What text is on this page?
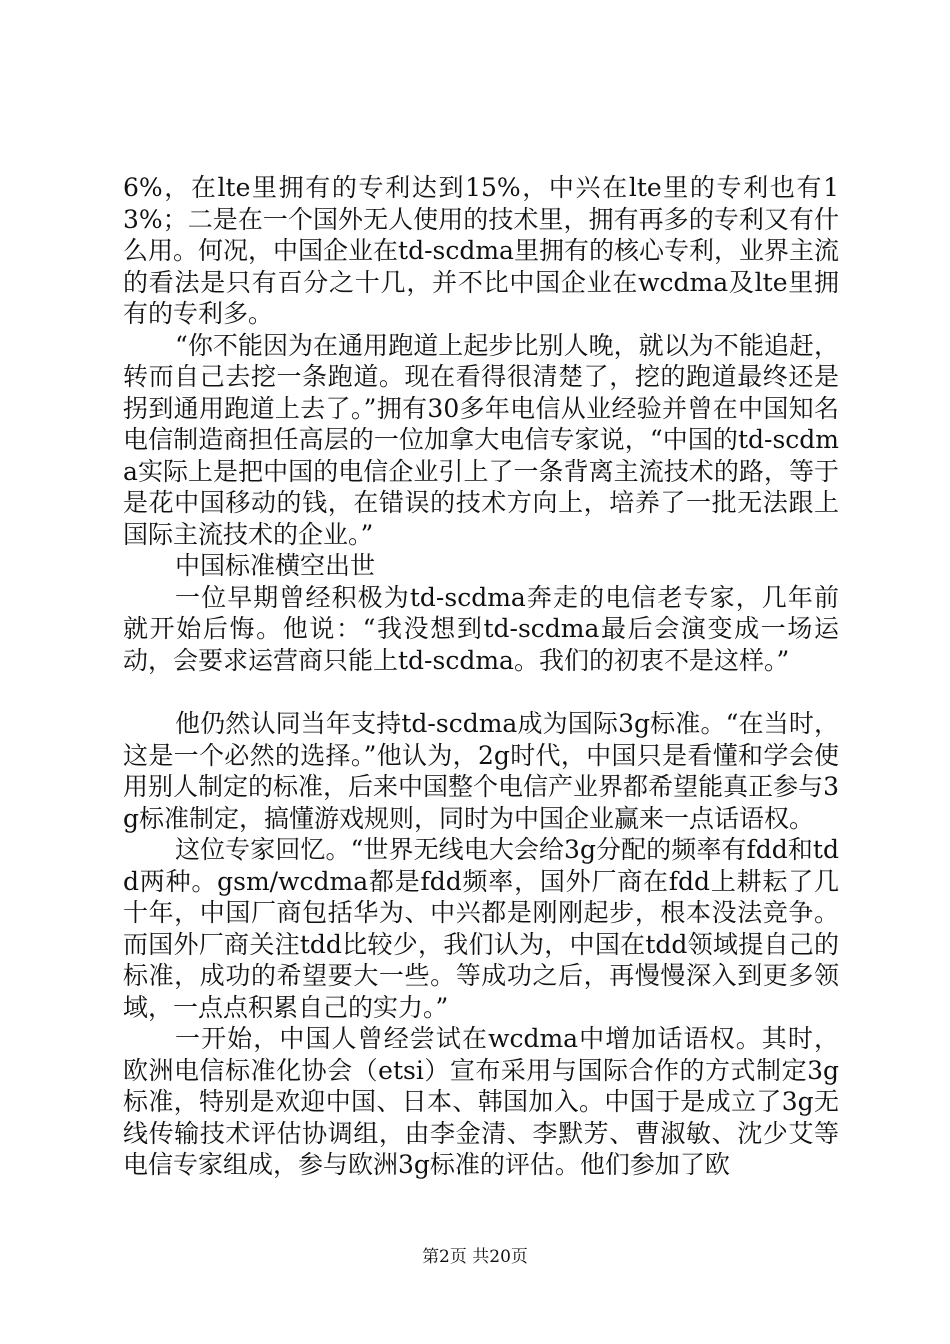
6%，在lte里拥有的专利达到15%，中兴在lte里的专利也有13%；二是在一个国外无人使用的技术里，拥有再多的专利又有什么用。何况，中国企业在td-scdma里拥有的核心专利，业界主流的看法是只有百分之十几，并不比中国企业在wcdma及lte里拥有的专利多。

“你不能因为在通用跑道上起步比别人晚，就以为不能追赶，转而自己去挖一条跑道。现在看得很清楚了，挖的跑道最终还是拐到通用跑道上去了。”拥有30多年电信从业经验并曾在中国知名电信制造商担任高层的一位加拿大电信专家说，“中国的td-scdma实际上是把中国的电信企业引上了一条背离主流技术的路，等于是花中国移动的钱，在错误的技术方向上，培养了一批无法跟上国际主流技术的企业。”

中国标准横空出世

一位早期曾经积极为td-scdma奔走的电信老专家，几年前就开始后悔。他说：“我没想到td-scdma最后会演变成一场运动，会要求运营商只能上td-scdma。我们的初衷不是这样。”

他仍然认同当年支持td-scdma成为国际3g标准。“在当时，这是一个必然的选择。”他认为，2g时代，中国只是看懂和学会使用别人制定的标准，后来中国整个电信产业界都希望能真正参与3g标准制定，搞懂游戏规则，同时为中国企业赢来一点话语权。

这位专家回忆。“世界无线电大会给3g分配的频率有fdd和tdd两种。gsm/wcdma都是fdd频率，国外厂商在fdd上耕耘了几十年，中国厂商包括华为、中兴都是刚刚起步，根本没法竞争。而国外厂商关注tdd比较少，我们认为，中国在tdd领域提自己的标准，成功的希望要大一些。等成功之后，再慢慢深入到更多领域，一点点积累自己的实力。”

一开始，中国人曾经尝试在wcdma中增加话语权。其时，欧洲电信标准化协会（etsi）宣布采用与国际合作的方式制定3g标准，特别是欢迎中国、日本、韩国加入。中国于是成立了3g无线传输技术评估协调组，由李金清、李默芳、曹淑敏、沈少艾等电信专家组成，参与欧洲3g标准的评估。他们参加了欧

第2页 共20页
